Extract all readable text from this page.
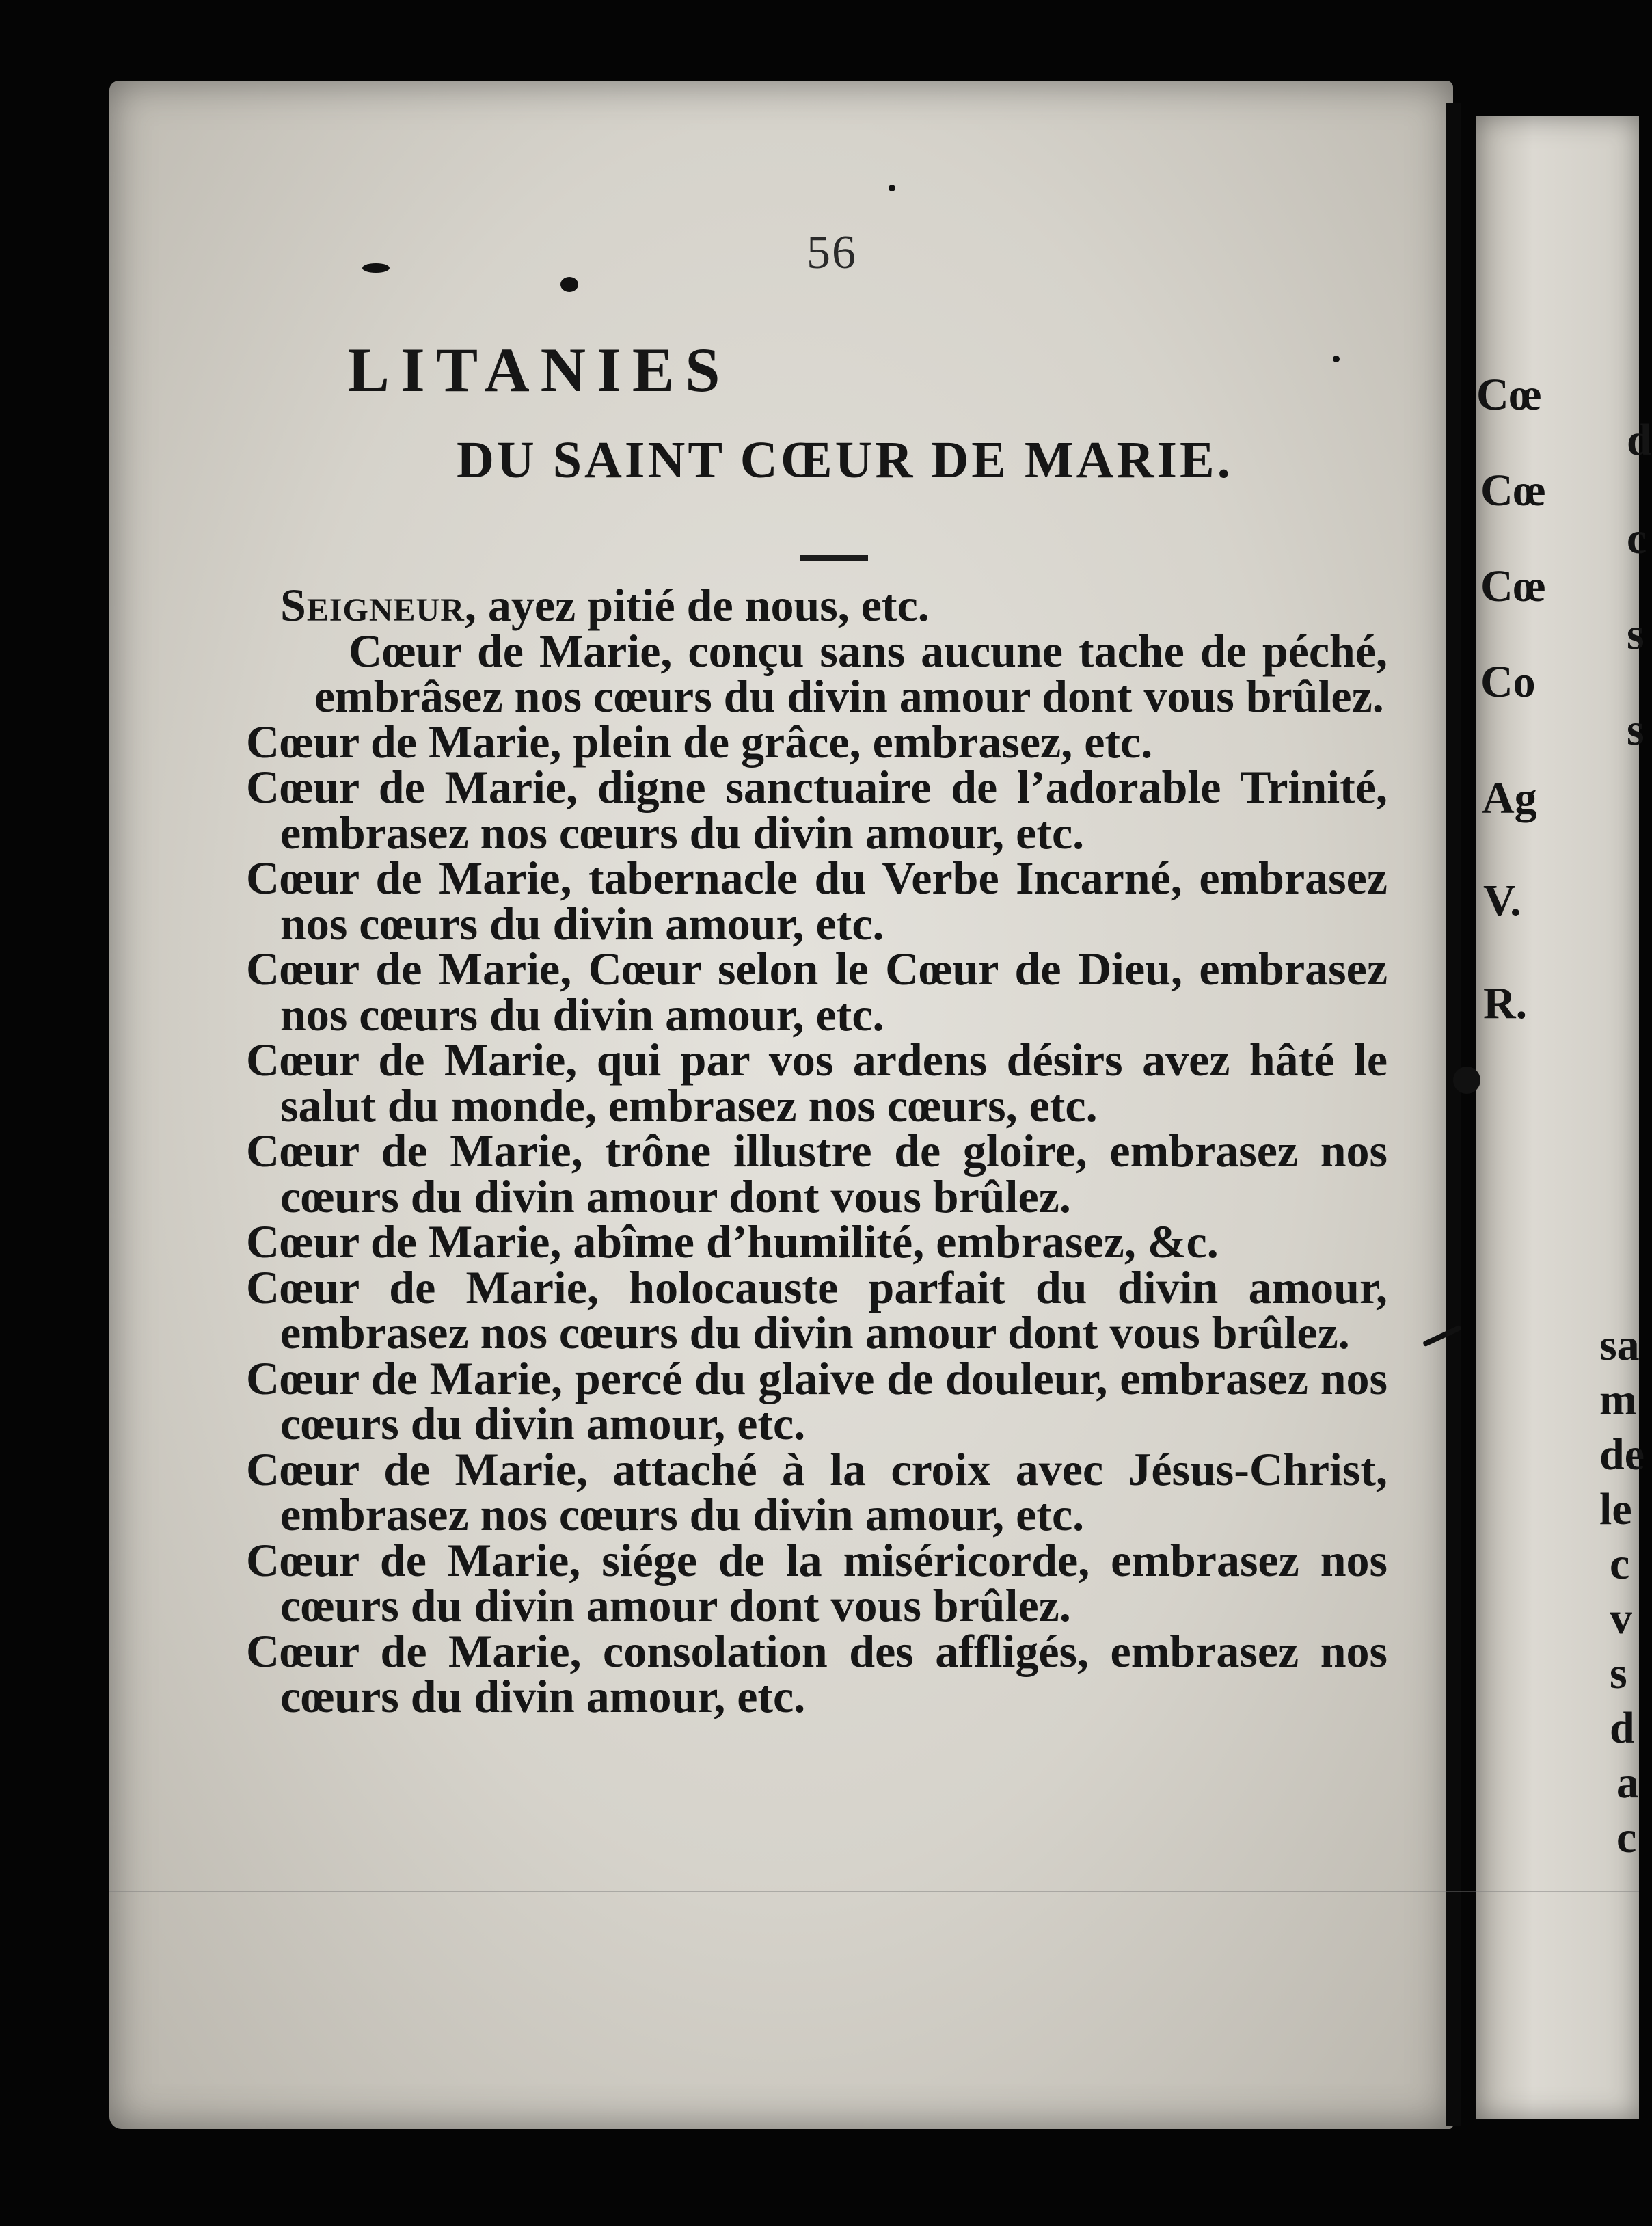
Cœ
d
Cœ
c
Cœ
s
Co
s
Ag
V.
R.
sa
m
de
le
c
v
s
d
a
c
56
LITANIES
DU SAINT CŒUR DE MARIE.

Seigneur, ayez pitié de nous, etc.

Cœur de Marie, conçu sans aucune tache de péché, embrâsez nos cœurs du divin amour dont vous brûlez.

Cœur de Marie, plein de grâce, embrasez, etc.

Cœur de Marie, digne sanctuaire de l’adorable Trinité, embrasez nos cœurs du divin amour, etc.

Cœur de Marie, tabernacle du Verbe Incarné, embrasez nos cœurs du divin amour, etc.

Cœur de Marie, Cœur selon le Cœur de Dieu, embrasez nos cœurs du divin amour, etc.

Cœur de Marie, qui par vos ardens désirs avez hâté le salut du monde, embrasez nos cœurs, etc.

Cœur de Marie, trône illustre de gloire, embrasez nos cœurs du divin amour dont vous brûlez.

Cœur de Marie, abîme d’humilité, embrasez, &c.

Cœur de Marie, holocauste parfait du divin amour, embrasez nos cœurs du divin amour dont vous brûlez.

Cœur de Marie, percé du glaive de douleur, embrasez nos cœurs du divin amour, etc.

Cœur de Marie, attaché à la croix avec Jésus-Christ, embrasez nos cœurs du divin amour, etc.

Cœur de Marie, siége de la miséricorde, embrasez nos cœurs du divin amour dont vous brûlez.

Cœur de Marie, consolation des affligés, embrasez nos cœurs du divin amour, etc.
